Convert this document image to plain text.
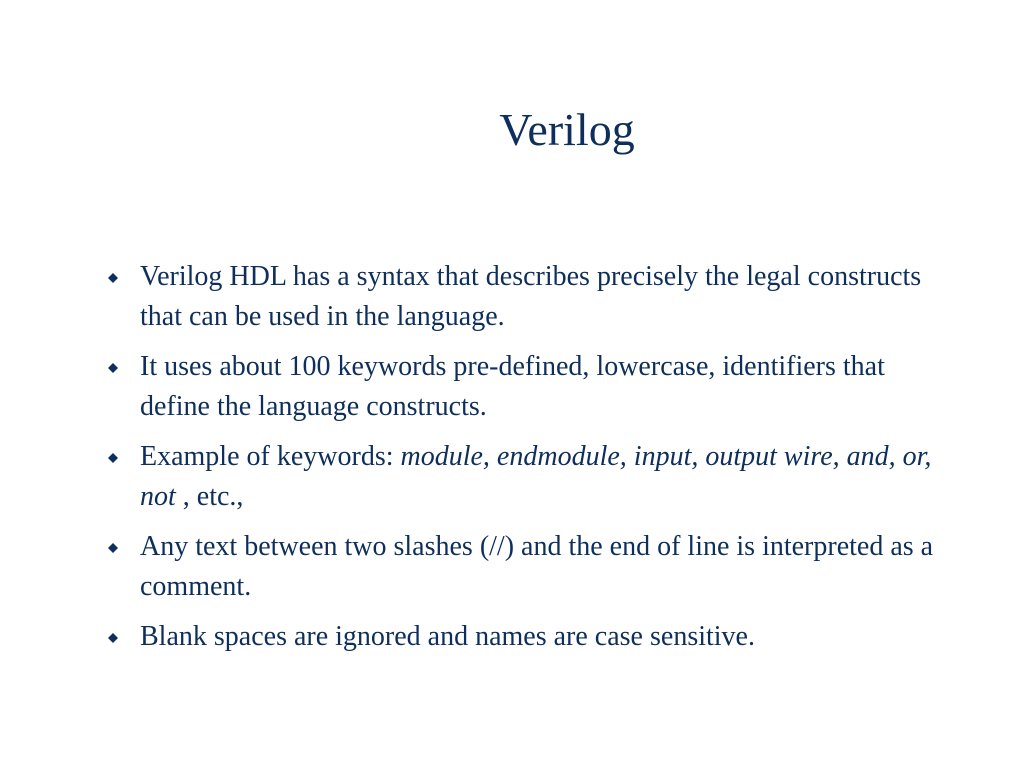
Verilog
Verilog HDL has a syntax that describes precisely the legal constructs that can be used in the language.
It uses about 100 keywords pre-defined, lowercase, identifiers that define the language constructs.
Example of keywords: module, endmodule, input, output wire, and, or, not , etc.,
Any text between two slashes (//) and the end of line is interpreted as a comment.
Blank spaces are ignored and names are case sensitive.
